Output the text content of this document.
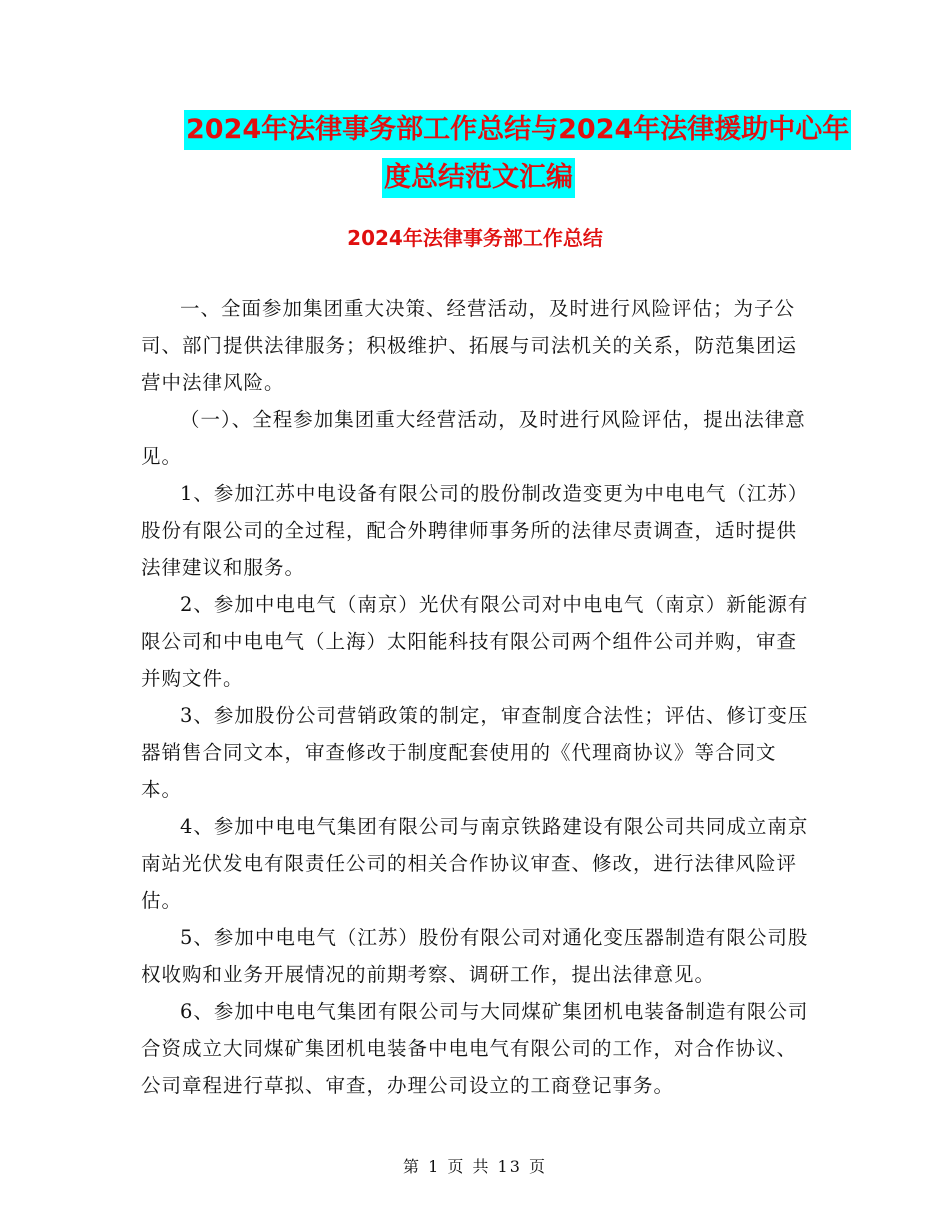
2024年法律事务部工作总结与2024年法律援助中心年
度总结范文汇编
2024年法律事务部工作总结

一、全面参加集团重大决策、经营活动，及时进行风险评估；为子公司、部门提供法律服务；积极维护、拓展与司法机关的关系，防范集团运营中法律风险。

（一）、全程参加集团重大经营活动，及时进行风险评估，提出法律意见。

1、参加江苏中电设备有限公司的股份制改造变更为中电电气（江苏）股份有限公司的全过程，配合外聘律师事务所的法律尽责调查，适时提供法律建议和服务。

2、参加中电电气（南京）光伏有限公司对中电电气（南京）新能源有限公司和中电电气（上海）太阳能科技有限公司两个组件公司并购，审查并购文件。

3、参加股份公司营销政策的制定，审查制度合法性；评估、修订变压器销售合同文本，审查修改于制度配套使用的《代理商协议》等合同文本。

4、参加中电电气集团有限公司与南京铁路建设有限公司共同成立南京南站光伏发电有限责任公司的相关合作协议审查、修改，进行法律风险评估。

5、参加中电电气（江苏）股份有限公司对通化变压器制造有限公司股权收购和业务开展情况的前期考察、调研工作，提出法律意见。

6、参加中电电气集团有限公司与大同煤矿集团机电装备制造有限公司合资成立大同煤矿集团机电装备中电电气有限公司的工作，对合作协议、公司章程进行草拟、审查，办理公司设立的工商登记事务。

第 1 页 共 13 页
